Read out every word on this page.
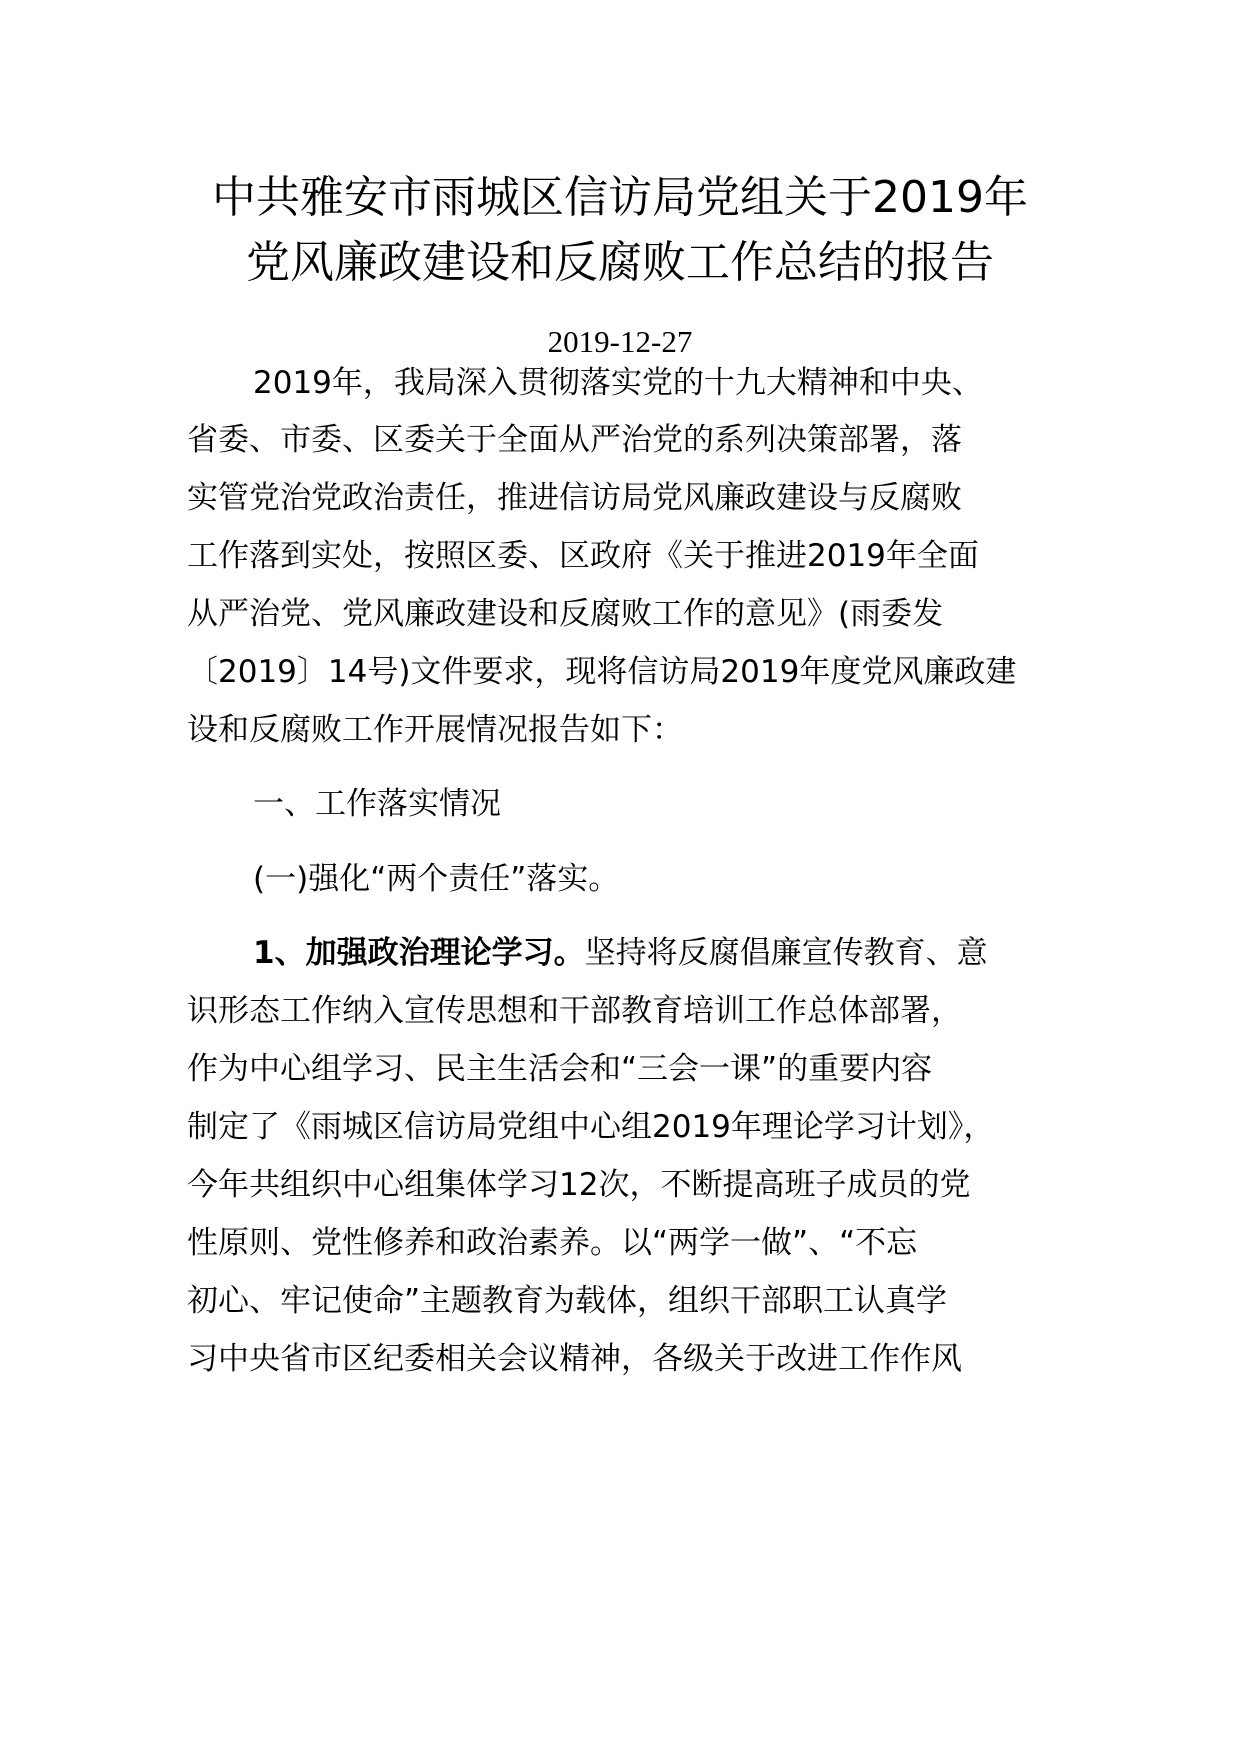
中共雅安市雨城区信访局党组关于2019年
党风廉政建设和反腐败工作总结的报告

2019-12-27

2019年，我局深入贯彻落实党的十九大精神和中央、

省委、市委、区委关于全面从严治党的系列决策部署，落

实管党治党政治责任，推进信访局党风廉政建设与反腐败

工作落到实处，按照区委、区政府《关于推进2019年全面

从严治党、党风廉政建设和反腐败工作的意见》(雨委发

〔2019〕14号)文件要求，现将信访局2019年度党风廉政建

设和反腐败工作开展情况报告如下：

一、工作落实情况

(一)强化“两个责任”落实。

1、加强政治理论学习。坚持将反腐倡廉宣传教育、意

识形态工作纳入宣传思想和干部教育培训工作总体部署，

作为中心组学习、民主生活会和“三会一课”的重要内容

制定了《雨城区信访局党组中心组2019年理论学习计划》，

今年共组织中心组集体学习12次，不断提高班子成员的党

性原则、党性修养和政治素养。以“两学一做”、“不忘

初心、牢记使命”主题教育为载体，组织干部职工认真学

习中央省市区纪委相关会议精神，各级关于改进工作作风
